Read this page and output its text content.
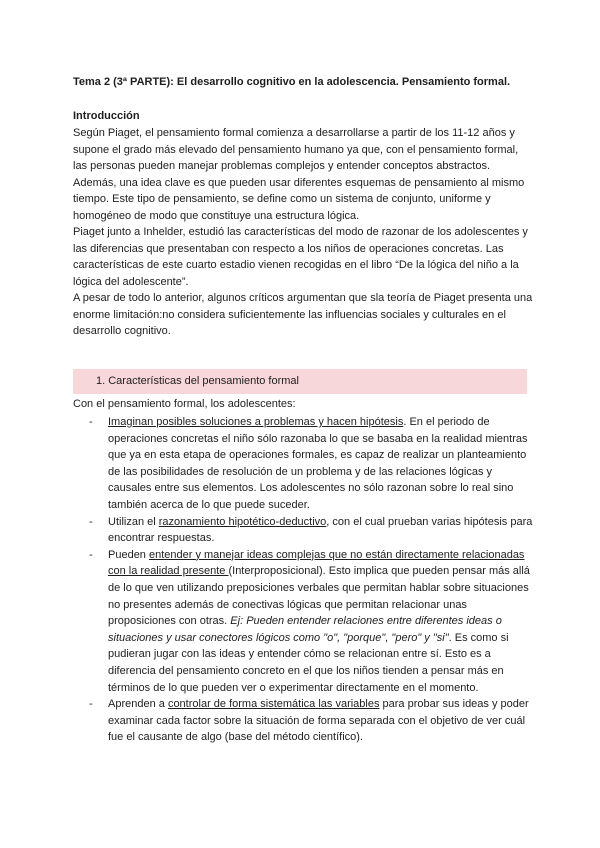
Tema 2 (3ª PARTE): El desarrollo cognitivo en la adolescencia. Pensamiento formal.
Introducción

Según Piaget, el pensamiento formal comienza a desarrollarse a partir de los 11-12 años y supone el grado más elevado del pensamiento humano ya que, con el pensamiento formal, las personas pueden manejar problemas complejos y entender conceptos abstractos.

Además, una idea clave es que pueden usar diferentes esquemas de pensamiento al mismo tiempo. Este tipo de pensamiento, se define como un sistema de conjunto, uniforme y homogéneo de modo que constituye una estructura lógica.

Piaget junto a Inhelder, estudió las características del modo de razonar de los adolescentes y las diferencias que presentaban con respecto a los niños de operaciones concretas. Las características de este cuarto estadio vienen recogidas en el libro “De la lógica del niño a la lógica del adolescente”.

A pesar de todo lo anterior, algunos críticos argumentan que sla teoría de Piaget presenta una enorme limitación:no considera suficientemente las influencias sociales y culturales en el desarrollo cognitivo.

1. Características del pensamiento formal
Con el pensamiento formal, los adolescentes:
- Imaginan posibles soluciones a problemas y hacen hipótesis. En el periodo de operaciones concretas el niño sólo razonaba lo que se basaba en la realidad mientras que ya en esta etapa de operaciones formales, es capaz de realizar un planteamiento de las posibilidades de resolución de un problema y de las relaciones lógicas y causales entre sus elementos. Los adolescentes no sólo razonan sobre lo real sino también acerca de lo que puede suceder.
- Utilizan el razonamiento hipotético-deductivo, con el cual prueban varias hipótesis para encontrar respuestas.
- Pueden entender y manejar ideas complejas que no están directamente relacionadas con la realidad presente (Interproposicional). Esto implica que pueden pensar más allá de lo que ven utilizando preposiciones verbales que permitan hablar sobre situaciones no presentes además de conectivas lógicas que permitan relacionar unas proposiciones con otras. Ej: Pueden entender relaciones entre diferentes ideas o situaciones y usar conectores lógicos como "o", "porque", "pero" y "si". Es como si pudieran jugar con las ideas y entender cómo se relacionan entre sí. Esto es a diferencia del pensamiento concreto en el que los niños tienden a pensar más en términos de lo que pueden ver o experimentar directamente en el momento.
- Aprenden a controlar de forma sistemática las variables para probar sus ideas y poder examinar cada factor sobre la situación de forma separada con el objetivo de ver cuál fue el causante de algo (base del método científico).
